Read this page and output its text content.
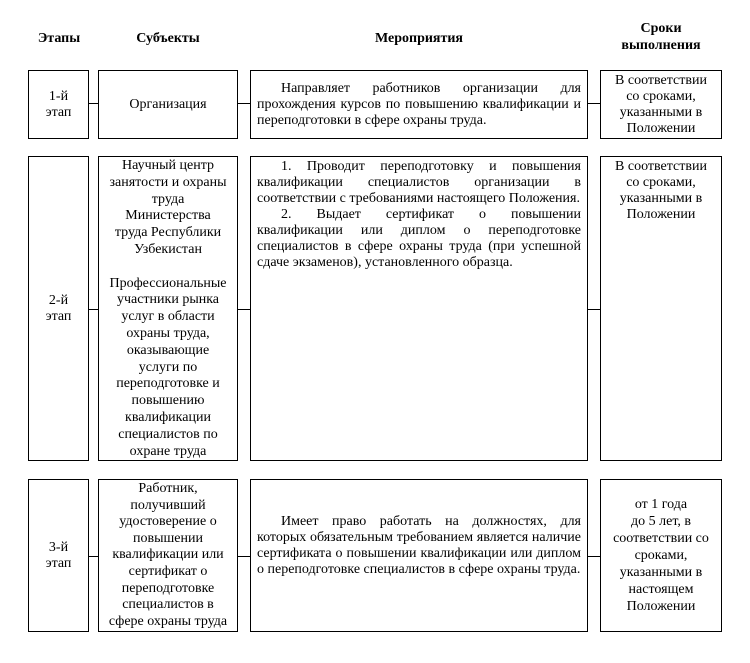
Этапы	Субъекты	Мероприятия
Сроки
выполнения
1-й
этап
Организация

Направляет работников организации для прохождения курсов по повышению квалификации и переподготовки в сфере охраны труда.

В соответствии
со сроками,
указанными в
Положении
2-й
этап
Научный центр
занятости и охраны
труда
Министерства
труда Республики
Узбекистан
Профессиональные
участники рынка
услуг в области
охраны труда,
оказывающие
услуги по
переподготовке и
повышению
квалификации
специалистов по
охране труда

1. Проводит переподготовку и повышения квалификации специалистов организации в соответствии с требованиями настоящего Положения.

2. Выдает сертификат о повышении квалификации или диплом о переподготовке специалистов в сфере охраны труда (при успешной сдаче экзаменов), установленного образца.

В соответствии
со сроками,
указанными в
Положении
3-й
этап
Работник,
получивший
удостоверение о
повышении
квалификации или
сертификат о
переподготовке
специалистов в
сфере охраны труда

Имеет право работать на должностях, для которых обязательным требованием является наличие сертификата о повышении квалификации или диплом о переподготовке специалистов в сфере охраны труда.

от 1 года
до 5 лет, в
соответствии со
сроками,
указанными в
настоящем
Положении
